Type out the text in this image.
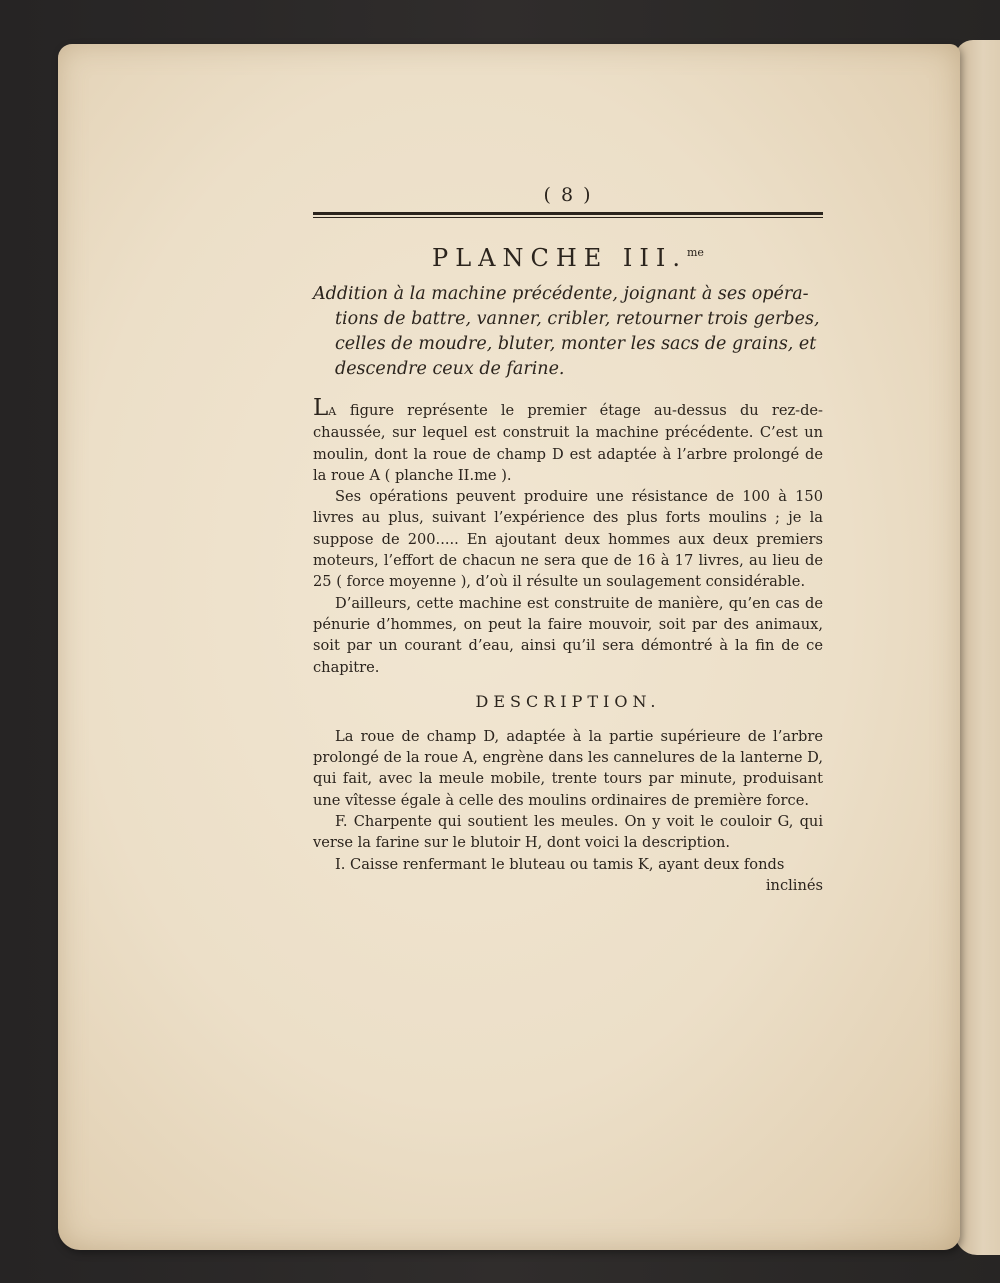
( 8 )
PLANCHE III.$^{me}$
Addition à la machine précédente, joignant à ses opéra-
tions de battre, vanner, cribler, retourner trois gerbes,
celles de moudre, bluter, monter les sacs de grains, et
descendre ceux de farine.

LA figure représente le premier étage au-dessus du rez-de-chaussée, sur lequel est construit la machine précédente. C’est un moulin, dont la roue de champ D est adaptée à l’arbre prolongé de la roue A ( planche II.me ).

Ses opérations peuvent produire une résistance de 100 à 150 livres au plus, suivant l’expérience des plus forts moulins ; je la suppose de 200..... En ajoutant deux hommes aux deux premiers moteurs, l’effort de chacun ne sera que de 16 à 17 livres, au lieu de 25 ( force moyenne ), d’où il résulte un soulagement considérable.

D’ailleurs, cette machine est construite de manière, qu’en cas de pénurie d’hommes, on peut la faire mouvoir, soit par des animaux, soit par un courant d’eau, ainsi qu’il sera démontré à la fin de ce chapitre.

DESCRIPTION.

La roue de champ D, adaptée à la partie supérieure de l’arbre prolongé de la roue A, engrène dans les cannelures de la lanterne D, qui fait, avec la meule mobile, trente tours par minute, produisant une vîtesse égale à celle des moulins ordinaires de première force.

F. Charpente qui soutient les meules. On y voit le couloir G, qui verse la farine sur le blutoir H, dont voici la description.

I. Caisse renfermant le bluteau ou tamis K, ayant deux fonds

inclinés
